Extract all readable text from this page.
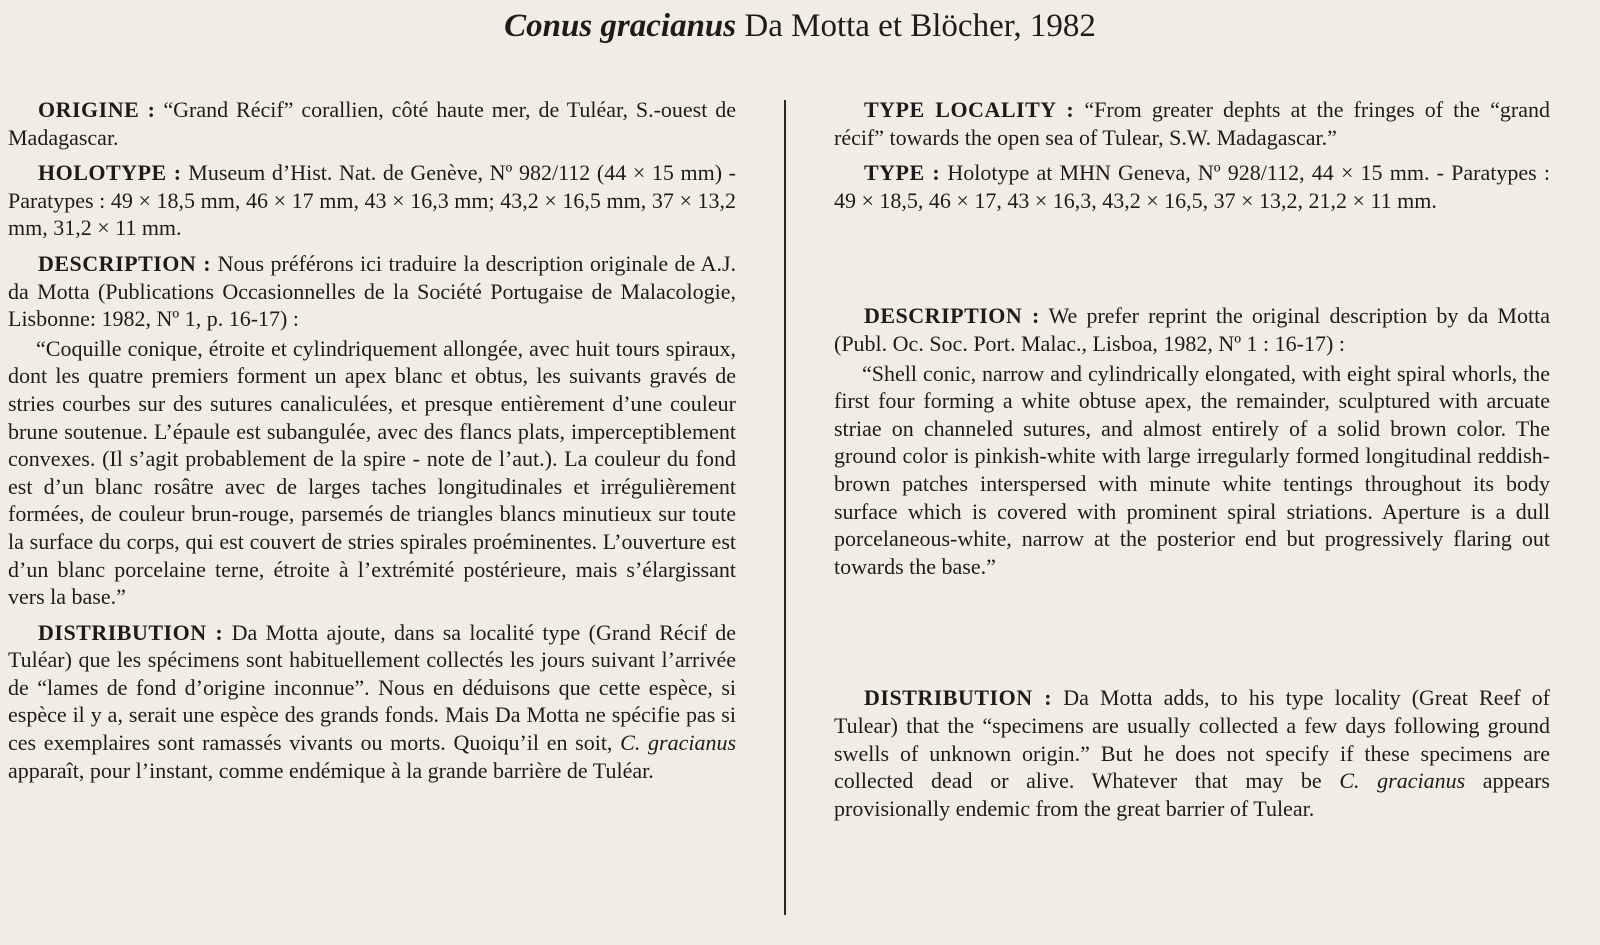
Conus gracianus Da Motta et Blöcher, 1982

ORIGINE : “Grand Récif” corallien, côté haute mer, de Tuléar, S.-ouest de Madagascar.

HOLOTYPE : Museum d’Hist. Nat. de Genève, Nº 982/112 (44 × 15 mm) - Paratypes : 49 × 18,5 mm, 46 × 17 mm, 43 × 16,3 mm; 43,2 × 16,5 mm, 37 × 13,2 mm, 31,2 × 11 mm.

DESCRIPTION : Nous préférons ici traduire la description originale de A.J. da Motta (Publications Occasionnelles de la Société Portugaise de Malacologie, Lisbonne: 1982, Nº 1, p. 16-17) :

“Coquille conique, étroite et cylindriquement allongée, avec huit tours spiraux, dont les quatre premiers forment un apex blanc et obtus, les suivants gravés de stries courbes sur des sutures canaliculées, et presque entièrement d’une couleur brune soutenue. L’épaule est subangulée, avec des flancs plats, imperceptiblement convexes. (Il s’agit probablement de la spire - note de l’aut.). La couleur du fond est d’un blanc rosâtre avec de larges taches longitudinales et irrégulièrement formées, de couleur brun-rouge, parsemés de triangles blancs minutieux sur toute la surface du corps, qui est couvert de stries spirales proéminentes. L’ouverture est d’un blanc porcelaine terne, étroite à l’extrémité postérieure, mais s’élargissant vers la base.”

DISTRIBUTION : Da Motta ajoute, dans sa localité type (Grand Récif de Tuléar) que les spécimens sont habituellement collectés les jours suivant l’arrivée de “lames de fond d’origine inconnue”. Nous en déduisons que cette espèce, si espèce il y a, serait une espèce des grands fonds. Mais Da Motta ne spécifie pas si ces exemplaires sont ramassés vivants ou morts. Quoiqu’il en soit, C. gracianus apparaît, pour l’instant, comme endémique à la grande barrière de Tuléar.

TYPE LOCALITY : “From greater dephts at the fringes of the “grand récif” towards the open sea of Tulear, S.W. Madagascar.”

TYPE : Holotype at MHN Geneva, Nº 928/112, 44 × 15 mm. - Paratypes : 49 × 18,5, 46 × 17, 43 × 16,3, 43,2 × 16,5, 37 × 13,2, 21,2 × 11 mm.

DESCRIPTION : We prefer reprint the original description by da Motta (Publ. Oc. Soc. Port. Malac., Lisboa, 1982, Nº 1 : 16-17) :

“Shell conic, narrow and cylindrically elongated, with eight spiral whorls, the first four forming a white obtuse apex, the remainder, sculptured with arcuate striae on channeled sutures, and almost entirely of a solid brown color. The ground color is pinkish-white with large irregularly formed longitudinal reddish-brown patches interspersed with minute white tentings throughout its body surface which is covered with prominent spiral striations. Aperture is a dull porcelaneous-white, narrow at the posterior end but progressively flaring out towards the base.”

DISTRIBUTION : Da Motta adds, to his type locality (Great Reef of Tulear) that the “specimens are usually collected a few days following ground swells of unknown origin.” But he does not specify if these specimens are collected dead or alive. Whatever that may be C. gracianus appears provisionally endemic from the great barrier of Tulear.
